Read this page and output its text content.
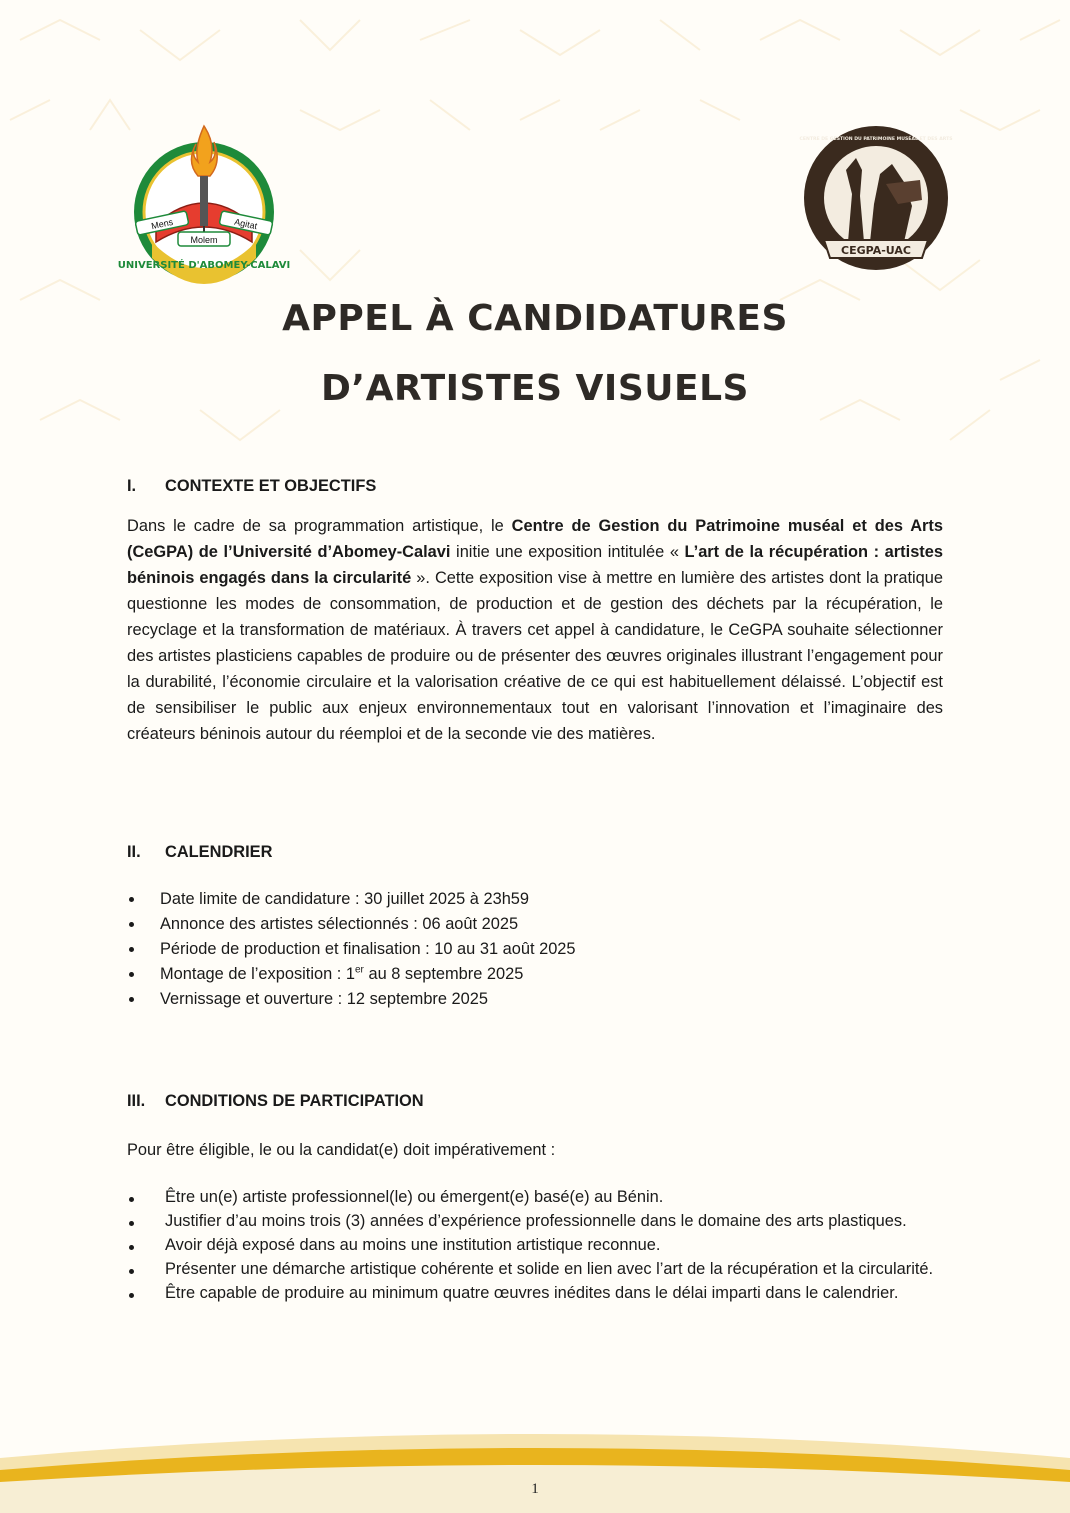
Mens	Agitat
Molem
UNIVERSITÉ D'ABOMEY-CALAVI
CEGPA-UAC
CENTRE DE GESTION DU PATRIMOINE MUSÉAL ET DES ARTS
APPEL À CANDIDATURES
D’ARTISTES VISUELS

I. CONTEXTE ET OBJECTIFS

Dans le cadre de sa programmation artistique, le Centre de Gestion du Patrimoine muséal et des Arts (CeGPA) de l’Université d’Abomey-Calavi initie une exposition intitulée « L’art de la récupération : artistes béninois engagés dans la circularité ». Cette exposition vise à mettre en lumière des artistes dont la pratique questionne les modes de consommation, de production et de gestion des déchets par la récupération, le recyclage et la transformation de matériaux. À travers cet appel à candidature, le CeGPA souhaite sélectionner des artistes plasticiens capables de produire ou de présenter des œuvres originales illustrant l’engagement pour la durabilité, l’économie circulaire et la valorisation créative de ce qui est habituellement délaissé. L’objectif est de sensibiliser le public aux enjeux environnementaux tout en valorisant l’innovation et l’imaginaire des créateurs béninois autour du réemploi et de la seconde vie des matières.

II. CALENDRIER

Date limite de candidature : 30 juillet 2025 à 23h59
Annonce des artistes sélectionnés : 06 août 2025
Période de production et finalisation : 10 au 31 août 2025
Montage de l’exposition : 1er au 8 septembre 2025
Vernissage et ouverture : 12 septembre 2025

III. CONDITIONS DE PARTICIPATION

Pour être éligible, le ou la candidat(e) doit impérativement :

Être un(e) artiste professionnel(le) ou émergent(e) basé(e) au Bénin.
Justifier d’au moins trois (3) années d’expérience professionnelle dans le domaine des arts plastiques.
Avoir déjà exposé dans au moins une institution artistique reconnue.
Présenter une démarche artistique cohérente et solide en lien avec l’art de la récupération et la circularité.
Être capable de produire au minimum quatre œuvres inédites dans le délai imparti dans le calendrier.
1
